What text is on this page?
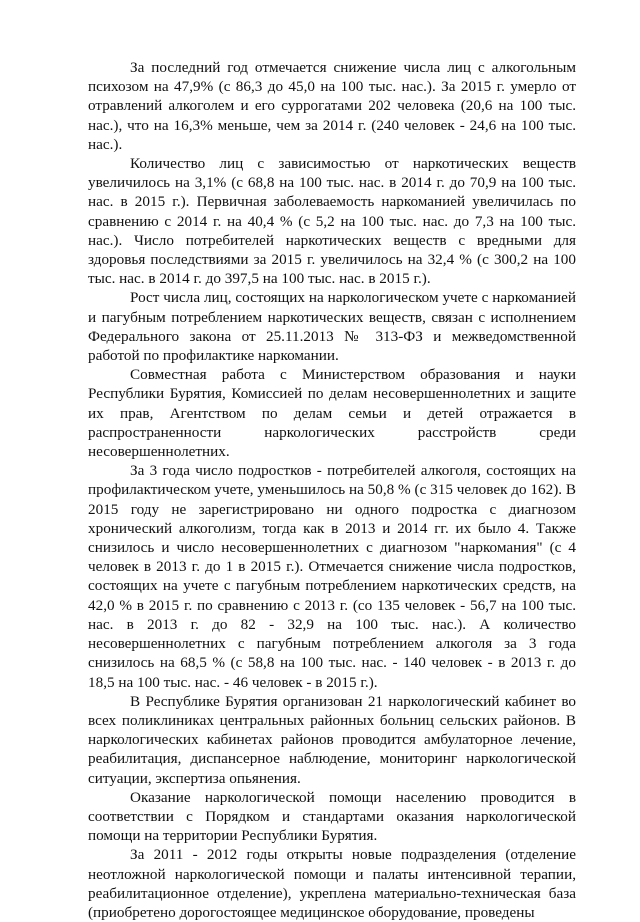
За последний год отмечается снижение числа лиц с алкогольным психозом на 47,9% (с 86,3 до 45,0 на 100 тыс. нас.). За 2015 г. умерло от отравлений алкоголем и его суррогатами 202 человека (20,6 на 100 тыс. нас.), что на 16,3% меньше, чем за 2014 г. (240 человек - 24,6 на 100 тыс. нас.).

Количество лиц с зависимостью от наркотических веществ увеличилось на 3,1% (с 68,8 на 100 тыс. нас. в 2014 г. до 70,9 на 100 тыс. нас. в 2015 г.). Первичная заболеваемость наркоманией увеличилась по сравнению с 2014 г. на 40,4 % (с 5,2 на 100 тыс. нас. до 7,3 на 100 тыс. нас.). Число потребителей наркотических веществ с вредными для здоровья последствиями за 2015 г. увеличилось на 32,4 % (с 300,2 на 100 тыс. нас. в 2014 г. до 397,5 на 100 тыс. нас. в 2015 г.).

Рост числа лиц, состоящих на наркологическом учете с наркоманией и пагубным потреблением наркотических веществ, связан с исполнением Федерального закона от 25.11.2013 № 313-ФЗ и межведомственной работой по профилактике наркомании.

Совместная работа с Министерством образования и науки Республики Бурятия, Комиссией по делам несовершеннолетних и защите их прав, Агентством по делам семьи и детей отражается в распространенности наркологических расстройств среди несовершеннолетних.

За 3 года число подростков - потребителей алкоголя, состоящих на профилактическом учете, уменьшилось на 50,8 % (с 315 человек до 162). В 2015 году не зарегистрировано ни одного подростка с диагнозом хронический алкоголизм, тогда как в 2013 и 2014 гг. их было 4. Также снизилось и число несовершеннолетних с диагнозом "наркомания" (с 4 человек в 2013 г. до 1 в 2015 г.). Отмечается снижение числа подростков, состоящих на учете с пагубным потреблением наркотических средств, на 42,0 % в 2015 г. по сравнению с 2013 г. (со 135 человек - 56,7 на 100 тыс. нас. в 2013 г. до 82 - 32,9 на 100 тыс. нас.). А количество несовершеннолетних с пагубным потреблением алкоголя за 3 года снизилось на 68,5 % (с 58,8 на 100 тыс. нас. - 140 человек - в 2013 г. до 18,5 на 100 тыс. нас. - 46 человек - в 2015 г.).

В Республике Бурятия организован 21 наркологический кабинет во всех поликлиниках центральных районных больниц сельских районов. В наркологических кабинетах районов проводится амбулаторное лечение, реабилитация, диспансерное наблюдение, мониторинг наркологической ситуации, экспертиза опьянения.

Оказание наркологической помощи населению проводится в соответствии с Порядком и стандартами оказания наркологической помощи на территории Республики Бурятия.

За 2011 - 2012 годы открыты новые подразделения (отделение неотложной наркологической помощи и палаты интенсивной терапии, реабилитационное отделение), укреплена материально-техническая база (приобретено дорогостоящее медицинское оборудование, проведены
